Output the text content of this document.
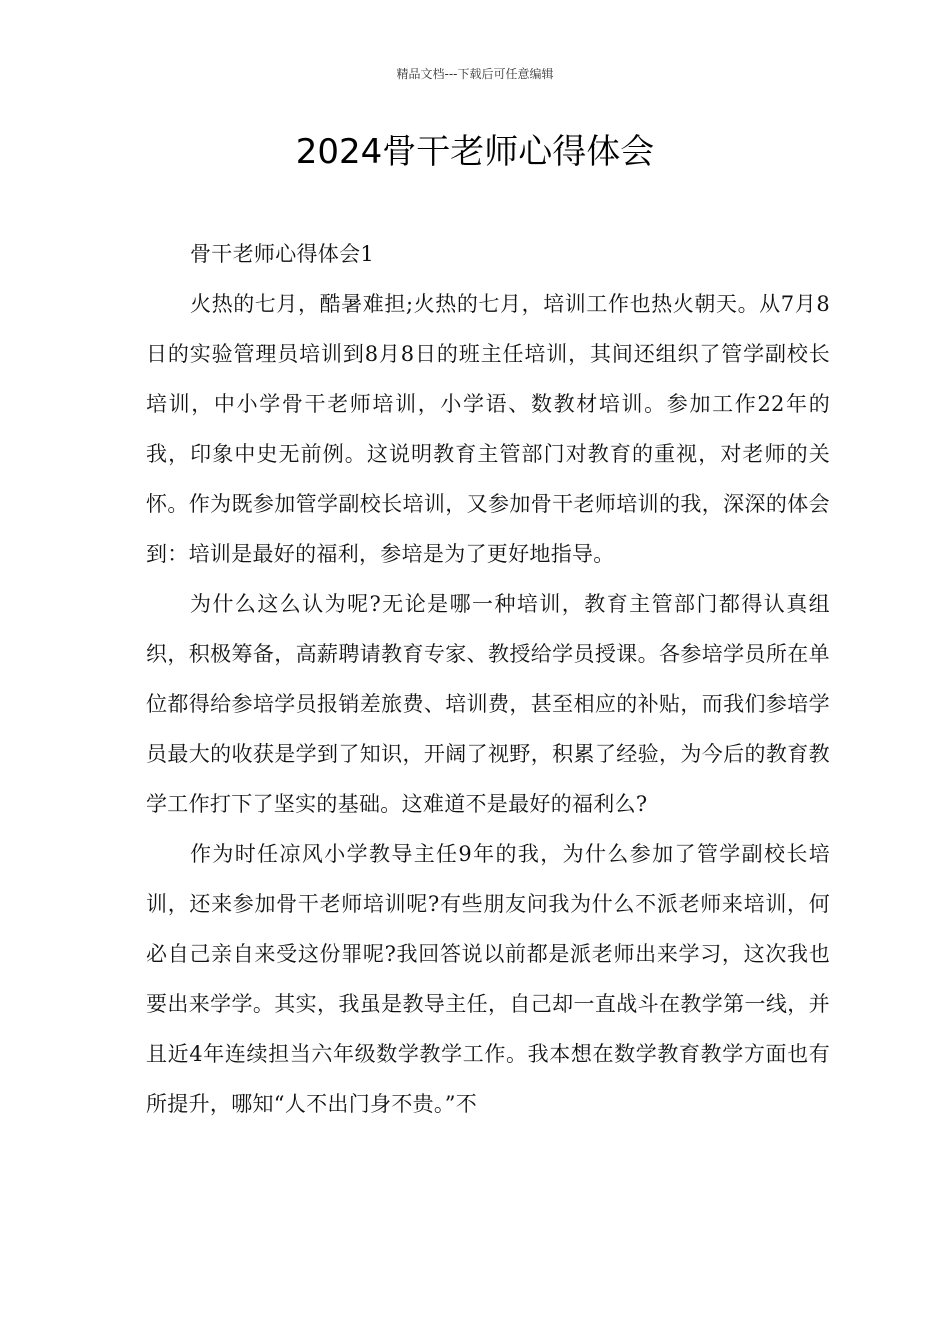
精品文档---下载后可任意编辑
2024骨干老师心得体会

骨干老师心得体会1

火热的七月，酷暑难担;火热的七月，培训工作也热火朝天。从7月8日的实验管理员培训到8月8日的班主任培训，其间还组织了管学副校长培训，中小学骨干老师培训，小学语、数教材培训。参加工作22年的我，印象中史无前例。这说明教育主管部门对教育的重视，对老师的关怀。作为既参加管学副校长培训，又参加骨干老师培训的我，深深的体会到：培训是最好的福利，参培是为了更好地指导。

为什么这么认为呢?无论是哪一种培训，教育主管部门都得认真组织，积极筹备，高薪聘请教育专家、教授给学员授课。各参培学员所在单位都得给参培学员报销差旅费、培训费，甚至相应的补贴，而我们参培学员最大的收获是学到了知识，开阔了视野，积累了经验，为今后的教育教学工作打下了坚实的基础。这难道不是最好的福利么?

作为时任凉风小学教导主任9年的我，为什么参加了管学副校长培训，还来参加骨干老师培训呢?有些朋友问我为什么不派老师来培训，何必自己亲自来受这份罪呢?我回答说以前都是派老师出来学习，这次我也要出来学学。其实，我虽是教导主任，自己却一直战斗在教学第一线，并且近4年连续担当六年级数学教学工作。我本想在数学教育教学方面也有所提升，哪知“人不出门身不贵。”不
